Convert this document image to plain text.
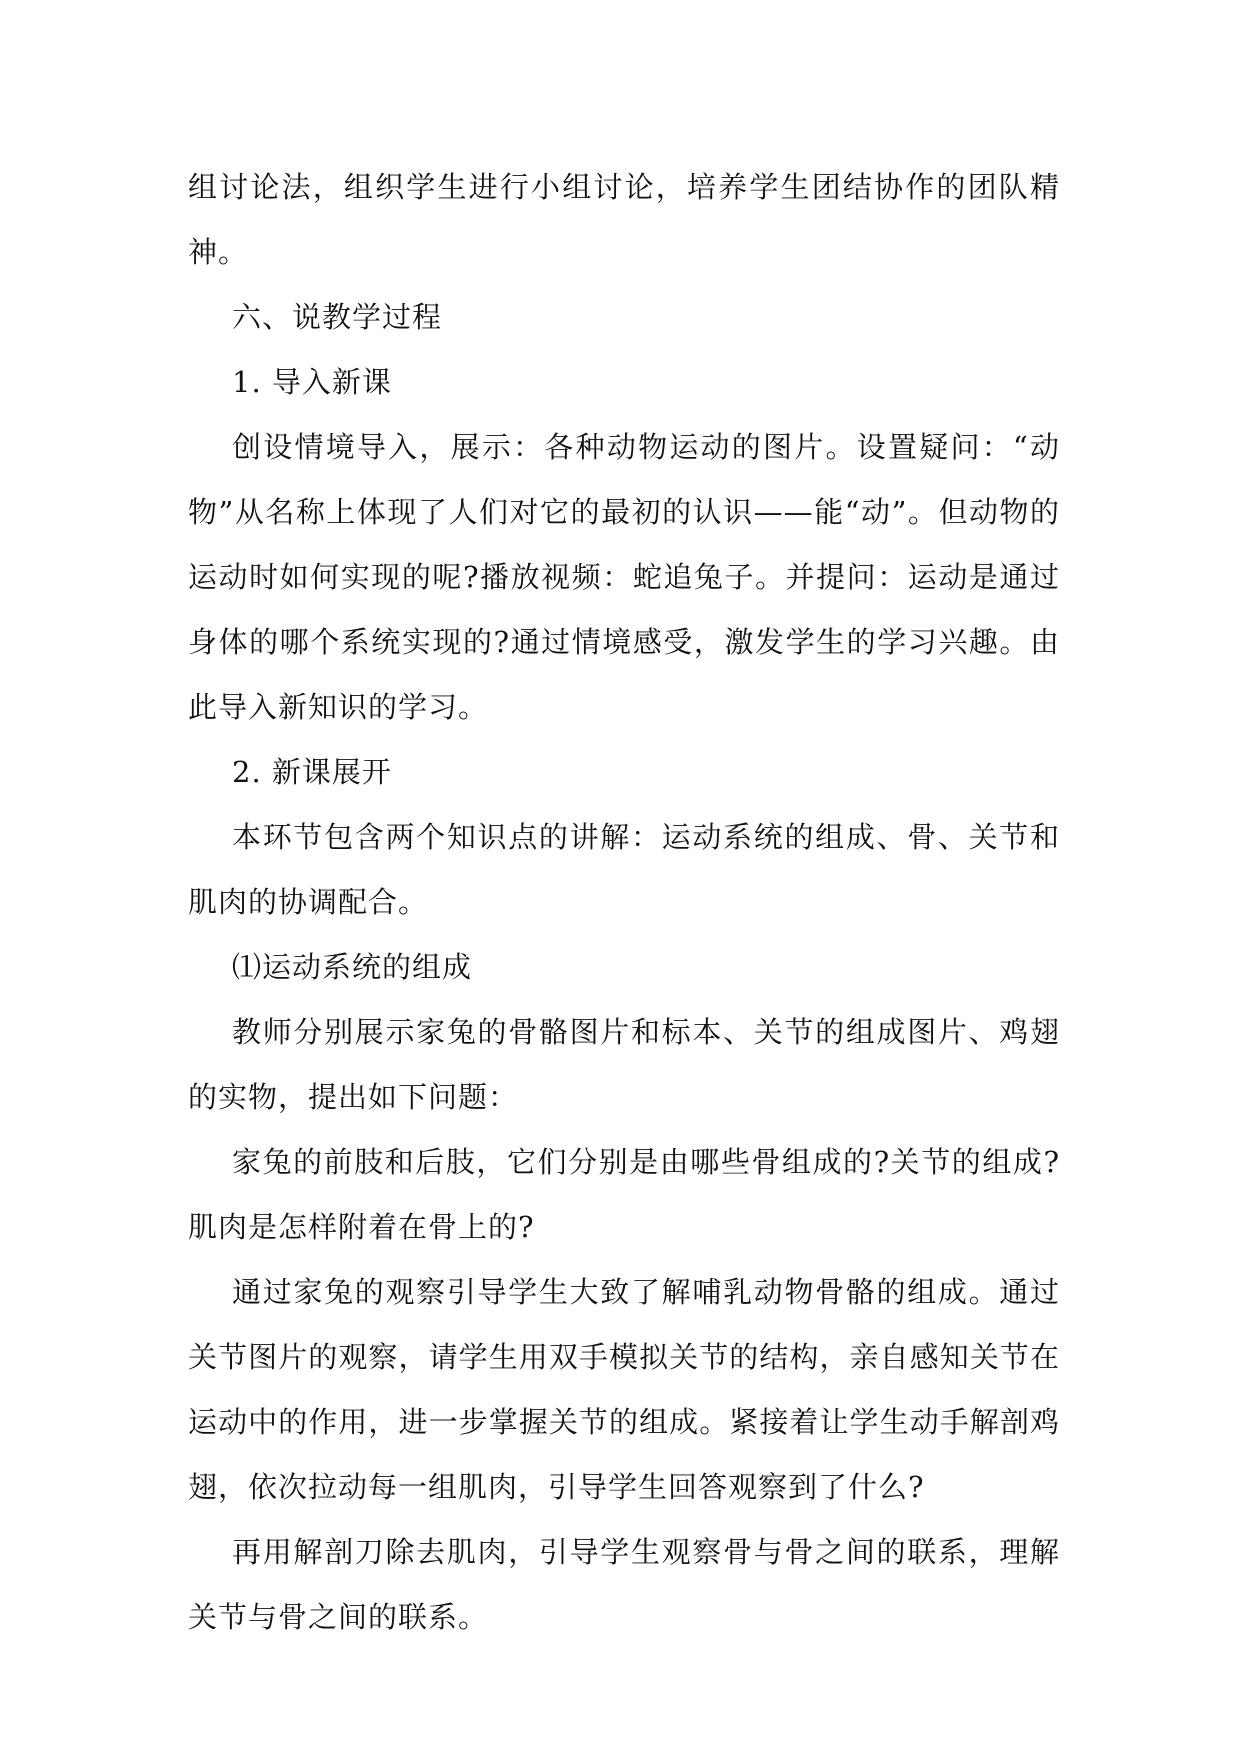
组讨论法，组织学生进行小组讨论，培养学生团结协作的团队精神。

六、说教学过程

1. 导入新课

创设情境导入，展示：各种动物运动的图片。设置疑问：“动物”从名称上体现了人们对它的最初的认识——能“动”。但动物的运动时如何实现的呢?播放视频：蛇追兔子。并提问：运动是通过身体的哪个系统实现的?通过情境感受，激发学生的学习兴趣。由此导入新知识的学习。

2. 新课展开

本环节包含两个知识点的讲解：运动系统的组成、骨、关节和肌肉的协调配合。

⑴运动系统的组成

教师分别展示家兔的骨骼图片和标本、关节的组成图片、鸡翅的实物，提出如下问题：

家兔的前肢和后肢，它们分别是由哪些骨组成的?关节的组成?肌肉是怎样附着在骨上的?

通过家兔的观察引导学生大致了解哺乳动物骨骼的组成。通过关节图片的观察，请学生用双手模拟关节的结构，亲自感知关节在运动中的作用，进一步掌握关节的组成。紧接着让学生动手解剖鸡翅，依次拉动每一组肌肉，引导学生回答观察到了什么?

再用解剖刀除去肌肉，引导学生观察骨与骨之间的联系，理解关节与骨之间的联系。
